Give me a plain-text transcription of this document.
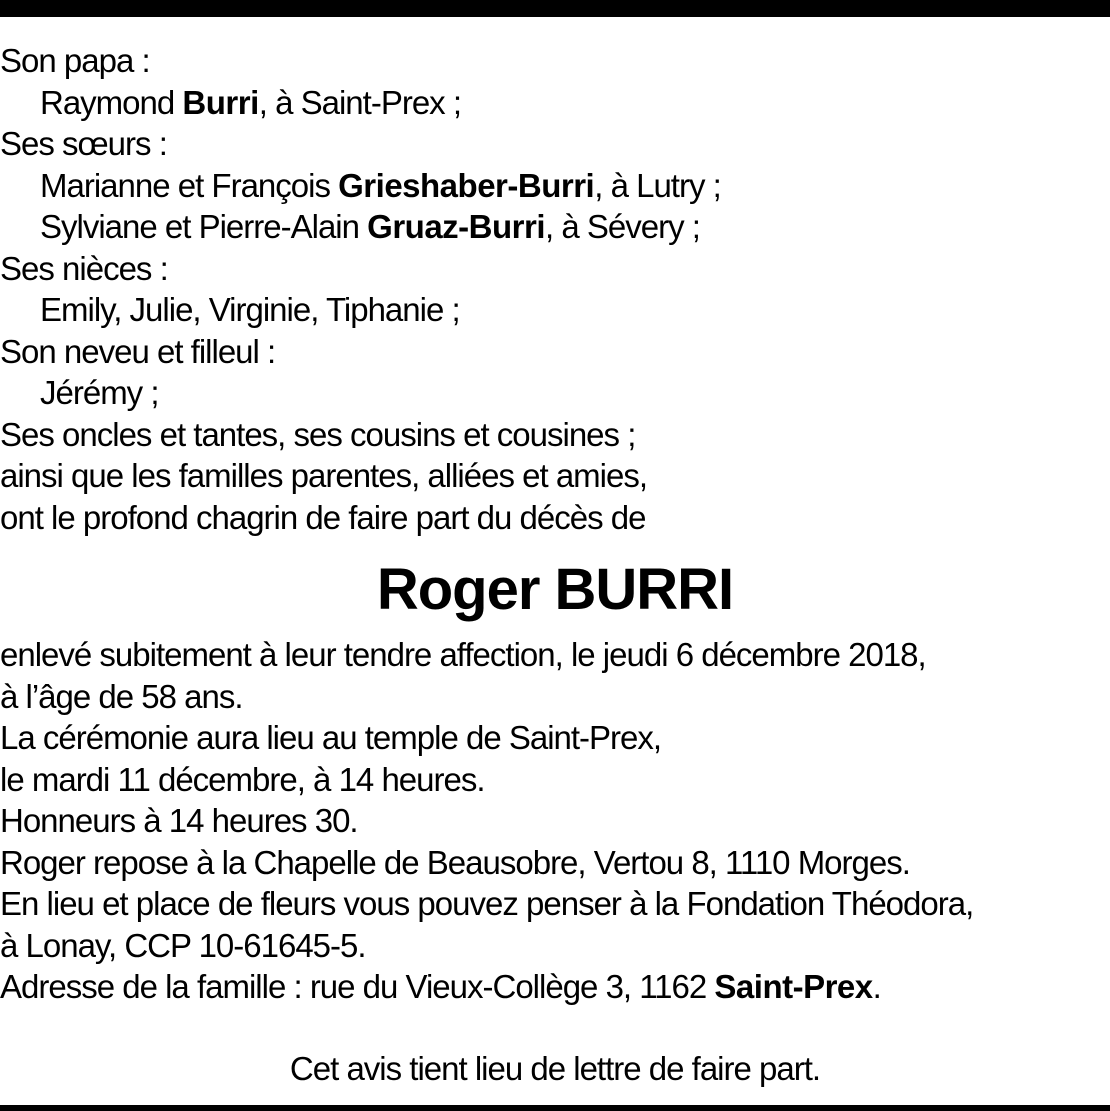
Son papa :
Raymond Burri, à Saint-Prex ;
Ses sœurs :
Marianne et François Grieshaber-Burri, à Lutry ;
Sylviane et Pierre-Alain Gruaz-Burri, à Sévery ;
Ses nièces :
Emily, Julie, Virginie, Tiphanie ;
Son neveu et filleul :
Jérémy ;
Ses oncles et tantes, ses cousins et cousines ;
ainsi que les familles parentes, alliées et amies,
ont le profond chagrin de faire part du décès de
Roger BURRI
enlevé subitement à leur tendre affection, le jeudi 6 décembre 2018,
à l’âge de 58 ans.
La cérémonie aura lieu au temple de Saint-Prex,
le mardi 11 décembre, à 14 heures.
Honneurs à 14 heures 30.
Roger repose à la Chapelle de Beausobre, Vertou 8, 1110 Morges.
En lieu et place de fleurs vous pouvez penser à la Fondation Théodora,
à Lonay, CCP 10-61645-5.
Adresse de la famille : rue du Vieux-Collège 3, 1162 Saint-Prex.
Cet avis tient lieu de lettre de faire part.
